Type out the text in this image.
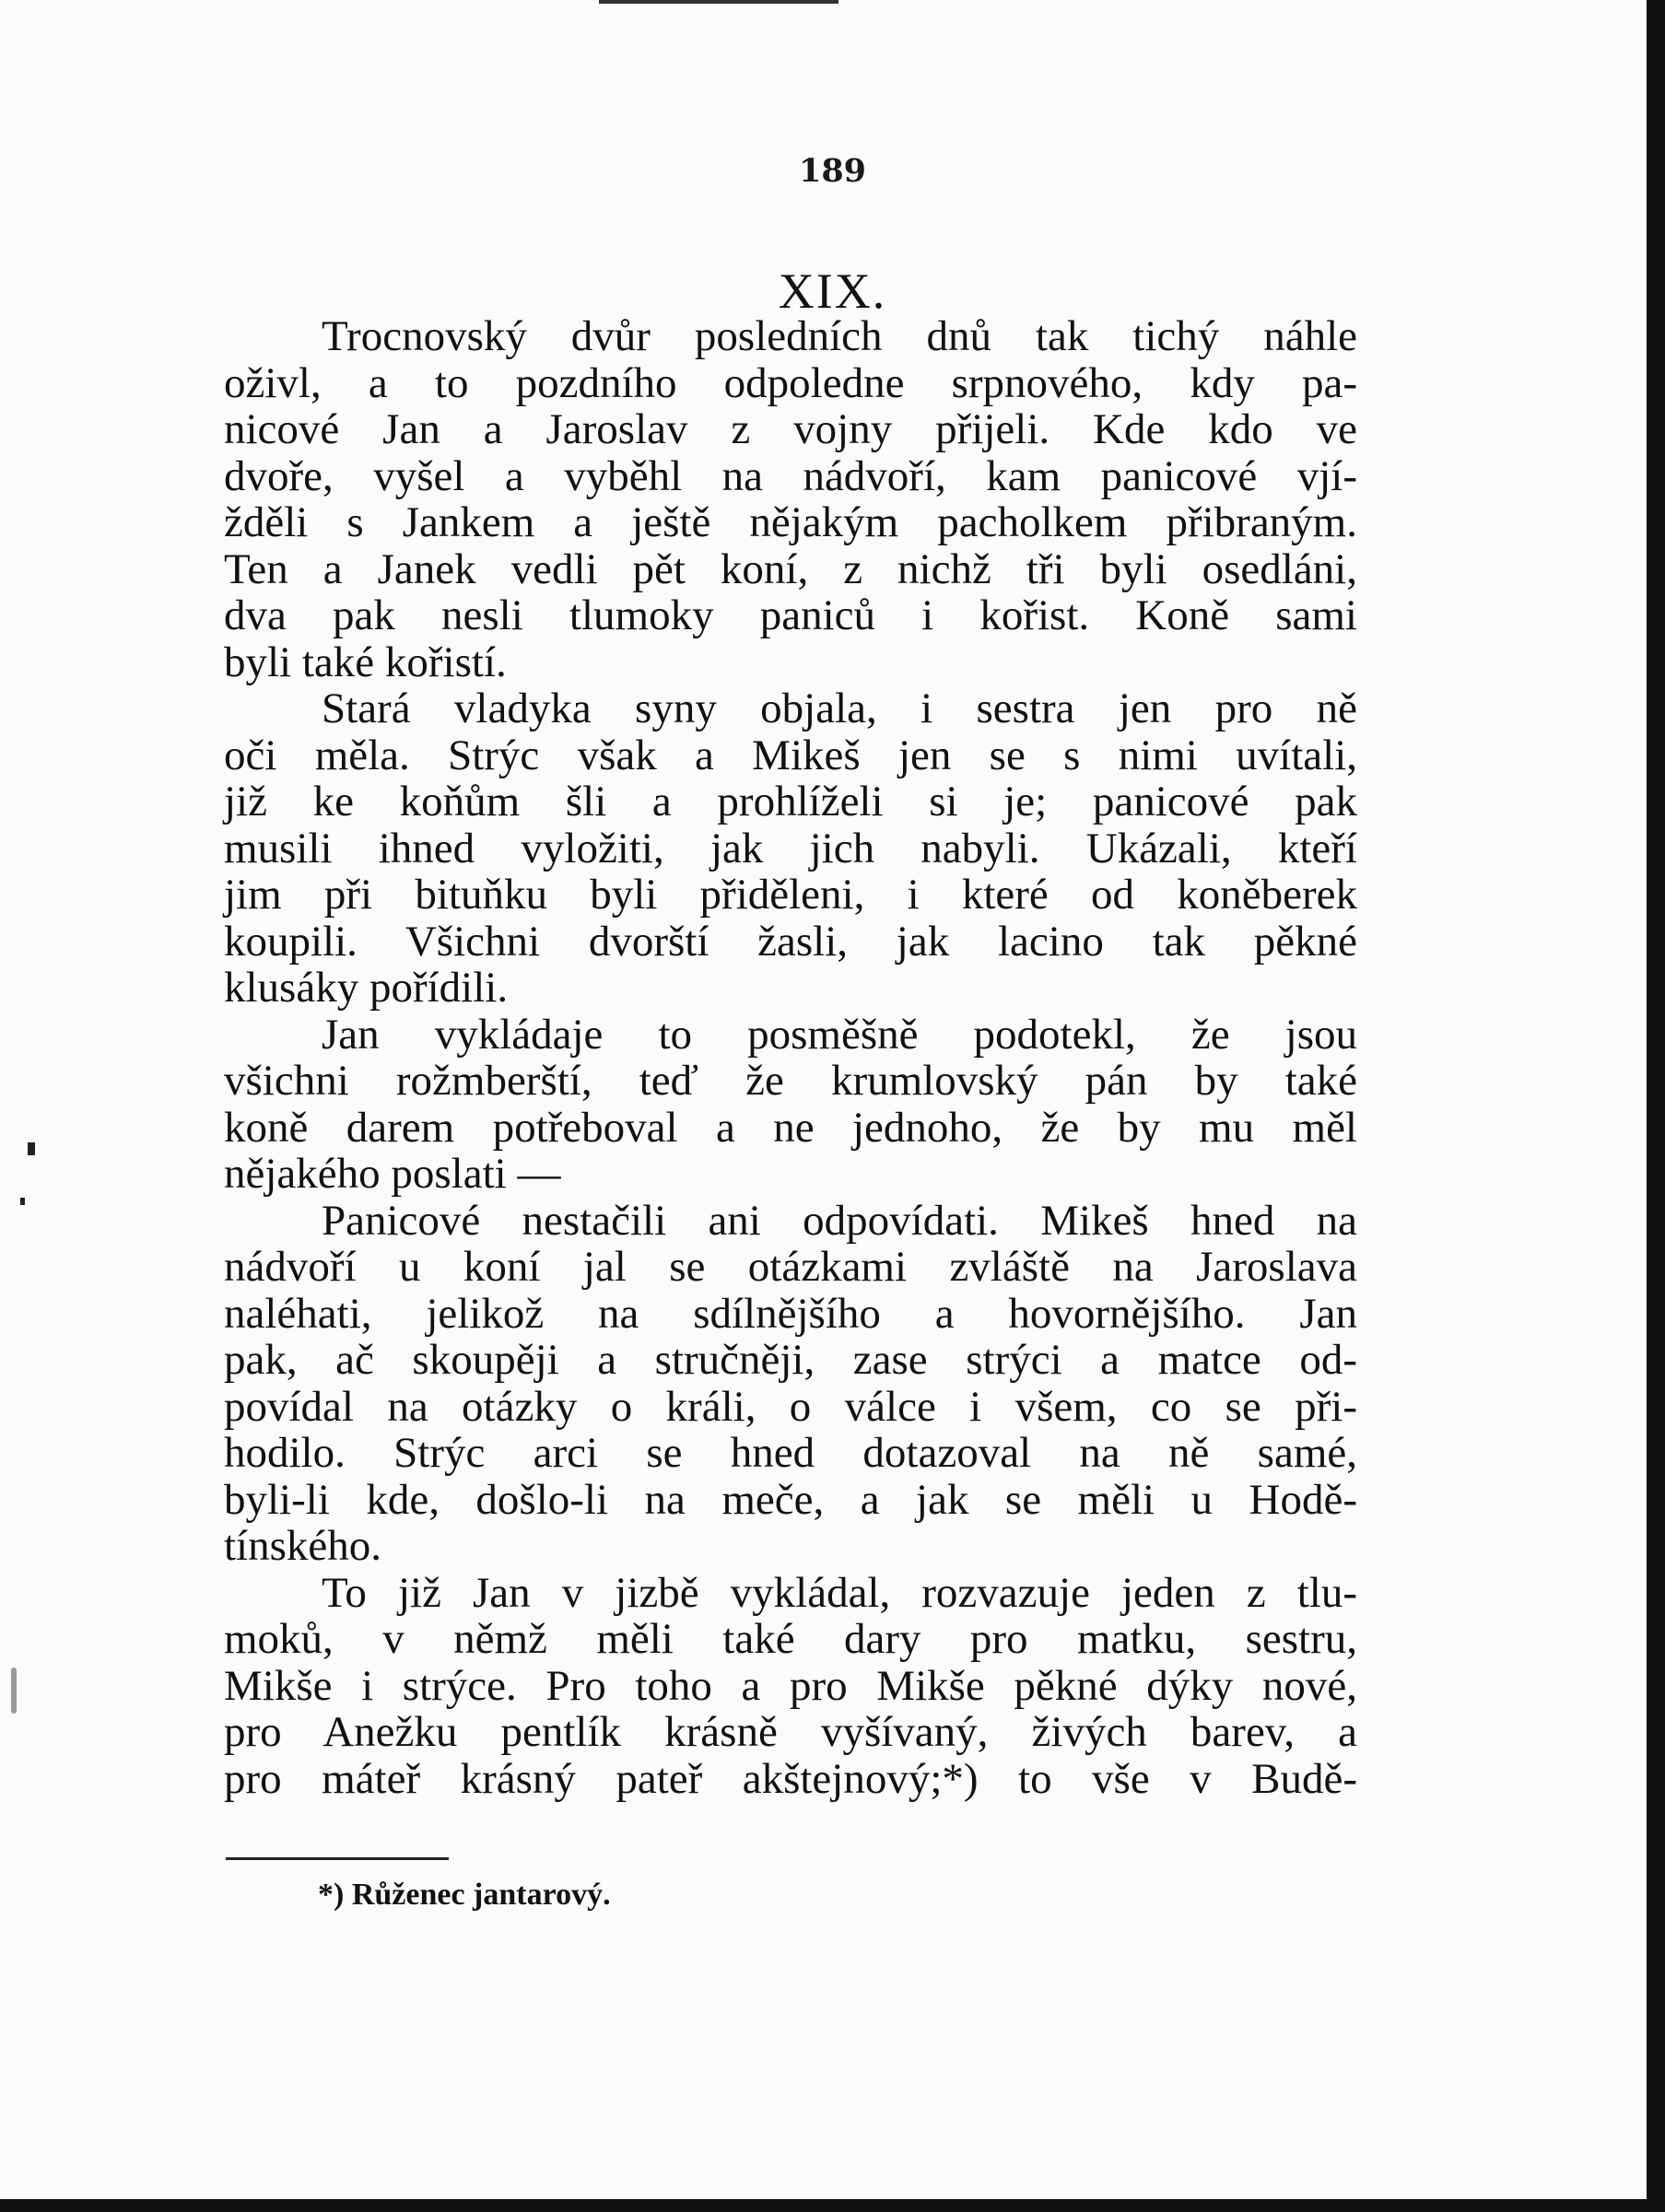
189
XIX.
Trocnovský dvůr posledních dnů tak tichý náhle
oživl, a to pozdního odpoledne srpnového, kdy pa-
nicové Jan a Jaroslav z vojny přijeli. Kde kdo ve
dvoře, vyšel a vyběhl na nádvoří, kam panicové vjí-
žděli s Jankem a ještě nějakým pacholkem přibraným.
Ten a Janek vedli pět koní, z nichž tři byli osedláni,
dva pak nesli tlumoky paniců i kořist. Koně sami
byli také kořistí.
Stará vladyka syny objala, i sestra jen pro ně
oči měla. Strýc však a Mikeš jen se s nimi uvítali,
již ke koňům šli a prohlíželi si je; panicové pak
musili ihned vyložiti, jak jich nabyli. Ukázali, kteří
jim při bituňku byli přiděleni, i které od koněberek
koupili. Všichni dvorští žasli, jak lacino tak pěkné
klusáky pořídili.
Jan vykládaje to posměšně podotekl, že jsou
všichni rožmberští, teď že krumlovský pán by také
koně darem potřeboval a ne jednoho, že by mu měl
nějakého poslati —
Panicové nestačili ani odpovídati. Mikeš hned na
nádvoří u koní jal se otázkami zvláště na Jaroslava
naléhati, jelikož na sdílnějšího a hovornějšího. Jan
pak, ač skoupěji a stručněji, zase strýci a matce od-
povídal na otázky o králi, o válce i všem, co se při-
hodilo. Strýc arci se hned dotazoval na ně samé,
byli-li kde, došlo-li na meče, a jak se měli u Hodě-
tínského.
To již Jan v jizbě vykládal, rozvazuje jeden z tlu-
moků, v němž měli také dary pro matku, sestru,
Mikše i strýce. Pro toho a pro Mikše pěkné dýky nové,
pro Anežku pentlík krásně vyšívaný, živých barev, a
pro máteř krásný pateř akštejnový;*) to vše v Budě-
*) Růženec jantarový.
